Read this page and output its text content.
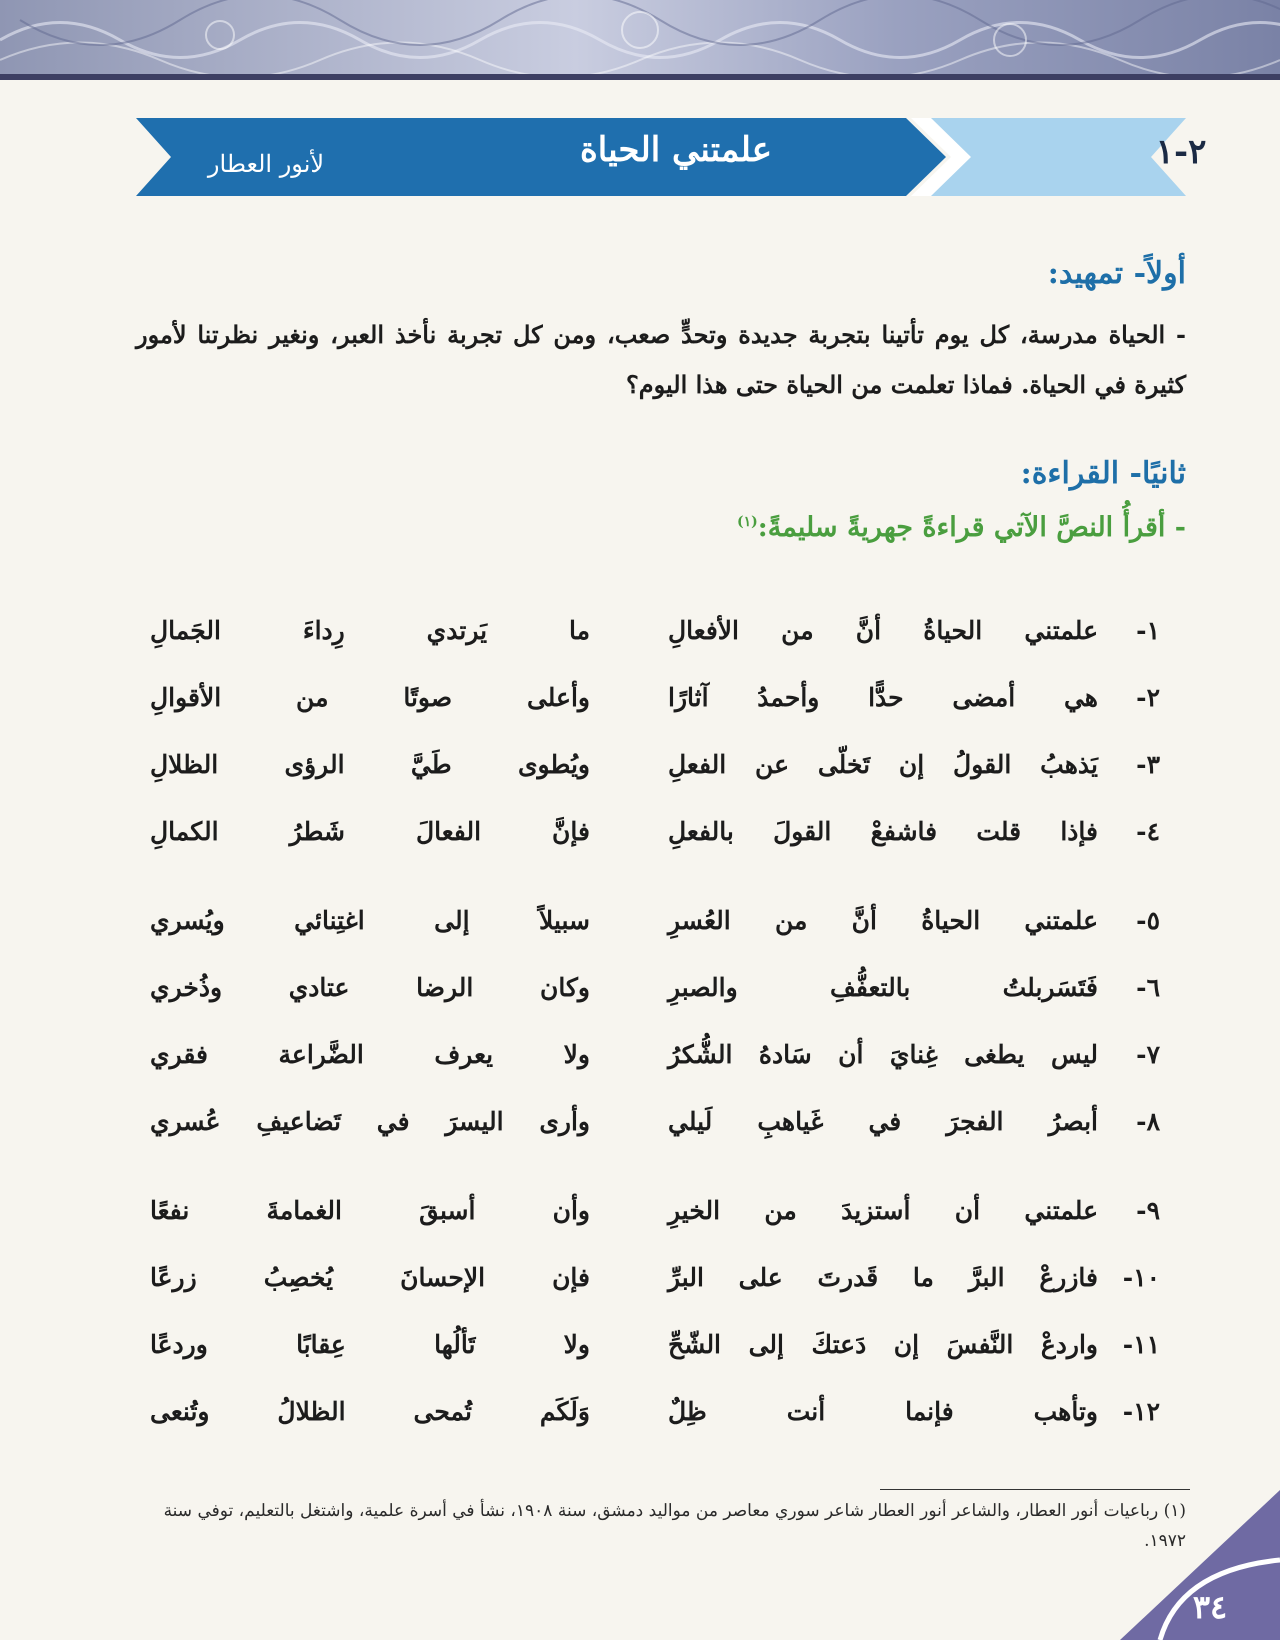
٢-١
علمتني الحياة
لأنور العطار
أولاً- تمهيد:
- الحياة مدرسة، كل يوم تأتينا بتجربة جديدة وتحدٍّ صعب، ومن كل تجربة نأخذ العبر، ونغير نظرتنا لأمور كثيرة في الحياة. فماذا تعلمت من الحياة حتى هذا اليوم؟
ثانيًا- القراءة:
- أقرأُ النصَّ الآتي قراءةً جهريةً سليمةً:$^{(١)}$
١-
علمتني الحياةُ أنَّ من الأفعالِ
ما يَرتدي رِداءَ الجَمالِ
٢-
هي أمضى حدًّا وأحمدُ آثارًا
وأعلى صوتًا من الأقوالِ
٣-
يَذهبُ القولُ إن تَخلّى عن الفعلِ
ويُطوى طَيَّ الرؤى الظلالِ
٤-
فإذا قلت فاشفعْ القولَ بالفعلِ
فإنَّ الفعالَ شَطرُ الكمالِ
٥-
علمتني الحياةُ أنَّ من العُسرِ
سبيلاً إلى اغتِنائي ويُسري
٦-
فَتَسَربلتُ بالتعفُّفِ والصبرِ
وكان الرضا عتادي وذُخري
٧-
ليس يطغى غِنايَ أن سَادهُ الشُّكرُ
ولا يعرف الضَّراعة فقري
٨-
أبصرُ الفجرَ في غَياهبِ لَيلي
وأرى اليسرَ في تَضاعيفِ عُسري
٩-
علمتني أن أستزيدَ من الخيرِ
وأن أسبقَ الغمامةَ نفعًا
١٠-
فازرعْ البرَّ ما قَدرتَ على البرِّ
فإن الإحسانَ يُخصِبُ زرعًا
١١-
واردعْ النَّفسَ إن دَعتكَ إلى الشّحِّ
ولا تَألُها عِقابًا وردعًا
١٢-
وتأهب فإنما أنت ظِلٌ
وَلَكَم تُمحى الظلالُ وتُنعى
(١) رباعيات أنور العطار، والشاعر أنور العطار شاعر سوري معاصر من مواليد دمشق، سنة ١٩٠٨، نشأ في أسرة علمية، واشتغل بالتعليم، توفي سنة ١٩٧٢.
٣٤
